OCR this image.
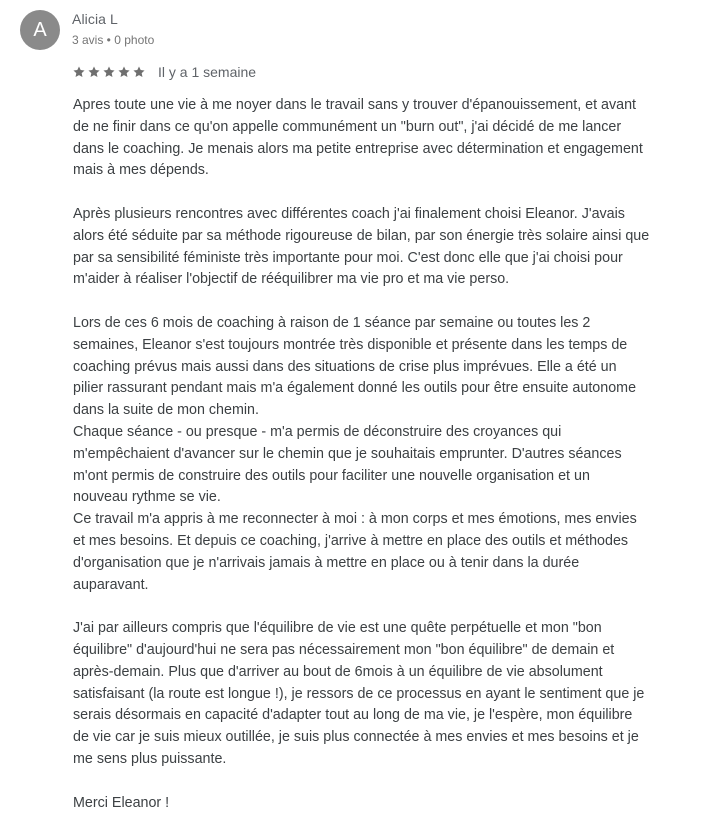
A Alicia L
3 avis • 0 photo
Il y a 1 semaine

Apres toute une vie à me noyer dans le travail sans y trouver d'épanouissement, et avant
de ne finir dans ce qu'on appelle communément un "burn out", j'ai décidé de me lancer
dans le coaching. Je menais alors ma petite entreprise avec détermination et engagement
mais à mes dépends.

Après plusieurs rencontres avec différentes coach j'ai finalement choisi Eleanor. J'avais
alors été séduite par sa méthode rigoureuse de bilan, par son énergie très solaire ainsi que
par sa sensibilité féministe très importante pour moi. C'est donc elle que j'ai choisi pour
m'aider à réaliser l'objectif de rééquilibrer ma vie pro et ma vie perso.

Lors de ces 6 mois de coaching à raison de 1 séance par semaine ou toutes les 2
semaines, Eleanor s'est toujours montrée très disponible et présente dans les temps de
coaching prévus mais aussi dans des situations de crise plus imprévues. Elle a été un
pilier rassurant pendant mais m'a également donné les outils pour être ensuite autonome
dans la suite de mon chemin.
Chaque séance - ou presque - m'a permis de déconstruire des croyances qui
m'empêchaient d'avancer sur le chemin que je souhaitais emprunter. D'autres séances
m'ont permis de construire des outils pour faciliter une nouvelle organisation et un
nouveau rythme se vie.
Ce travail m'a appris à me reconnecter à moi : à mon corps et mes émotions, mes envies
et mes besoins. Et depuis ce coaching, j'arrive à mettre en place des outils et méthodes
d'organisation que je n'arrivais jamais à mettre en place ou à tenir dans la durée
auparavant.

J'ai par ailleurs compris que l'équilibre de vie est une quête perpétuelle et mon "bon
équilibre" d'aujourd'hui ne sera pas nécessairement mon "bon équilibre" de demain et
après-demain. Plus que d'arriver au bout de 6mois à un équilibre de vie absolument
satisfaisant (la route est longue !), je ressors de ce processus en ayant le sentiment que je
serais désormais en capacité d'adapter tout au long de ma vie, je l'espère, mon équilibre
de vie car je suis mieux outillée, je suis plus connectée à mes envies et mes besoins et je
me sens plus puissante.

Merci Eleanor !
